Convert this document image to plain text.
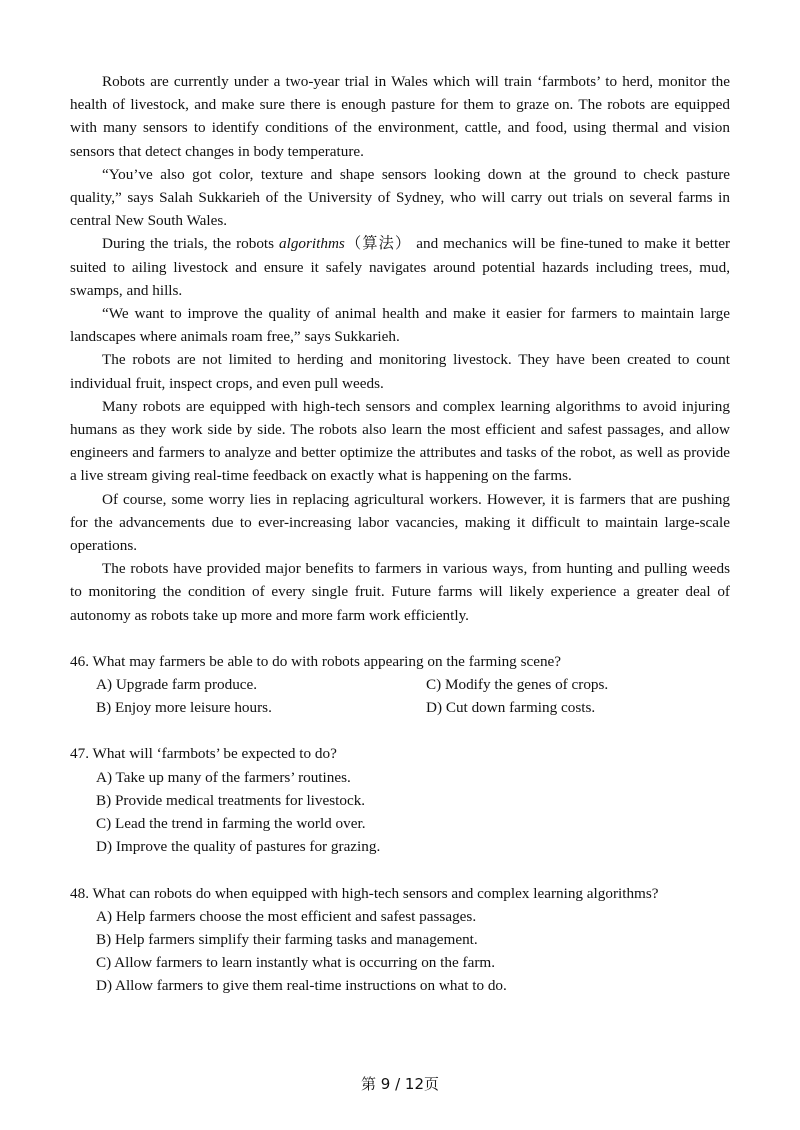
Robots are currently under a two-year trial in Wales which will train ‘farmbots’ to herd, monitor the health of livestock, and make sure there is enough pasture for them to graze on. The robots are equipped with many sensors to identify conditions of the environment, cattle, and food, using thermal and vision sensors that detect changes in body temperature.

“You’ve also got color, texture and shape sensors looking down at the ground to check pasture quality,” says Salah Sukkarieh of the University of Sydney, who will carry out trials on several farms in central New South Wales.

During the trials, the robots algorithms（算法） and mechanics will be fine-tuned to make it better suited to ailing livestock and ensure it safely navigates around potential hazards including trees, mud, swamps, and hills.

“We want to improve the quality of animal health and make it easier for farmers to maintain large landscapes where animals roam free,” says Sukkarieh.

The robots are not limited to herding and monitoring livestock. They have been created to count individual fruit, inspect crops, and even pull weeds.

Many robots are equipped with high-tech sensors and complex learning algorithms to avoid injuring humans as they work side by side. The robots also learn the most efficient and safest passages, and allow engineers and farmers to analyze and better optimize the attributes and tasks of the robot, as well as provide a live stream giving real-time feedback on exactly what is happening on the farms.

Of course, some worry lies in replacing agricultural workers. However, it is farmers that are pushing for the advancements due to ever-increasing labor vacancies, making it difficult to maintain large-scale operations.

The robots have provided major benefits to farmers in various ways, from hunting and pulling weeds to monitoring the condition of every single fruit. Future farms will likely experience a greater deal of autonomy as robots take up more and more farm work efficiently.

46. What may farmers be able to do with robots appearing on the farming scene?

A) Upgrade farm produce.	C) Modify the genes of crops.

B) Enjoy more leisure hours.	D) Cut down farming costs.

47. What will ‘farmbots’ be expected to do?

A) Take up many of the farmers’ routines.

B) Provide medical treatments for livestock.

C) Lead the trend in farming the world over.

D) Improve the quality of pastures for grazing.

48. What can robots do when equipped with high-tech sensors and complex learning algorithms?

A) Help farmers choose the most efficient and safest passages.

B) Help farmers simplify their farming tasks and management.

C) Allow farmers to learn instantly what is occurring on the farm.

D) Allow farmers to give them real-time instructions on what to do.

第 9 / 12页
